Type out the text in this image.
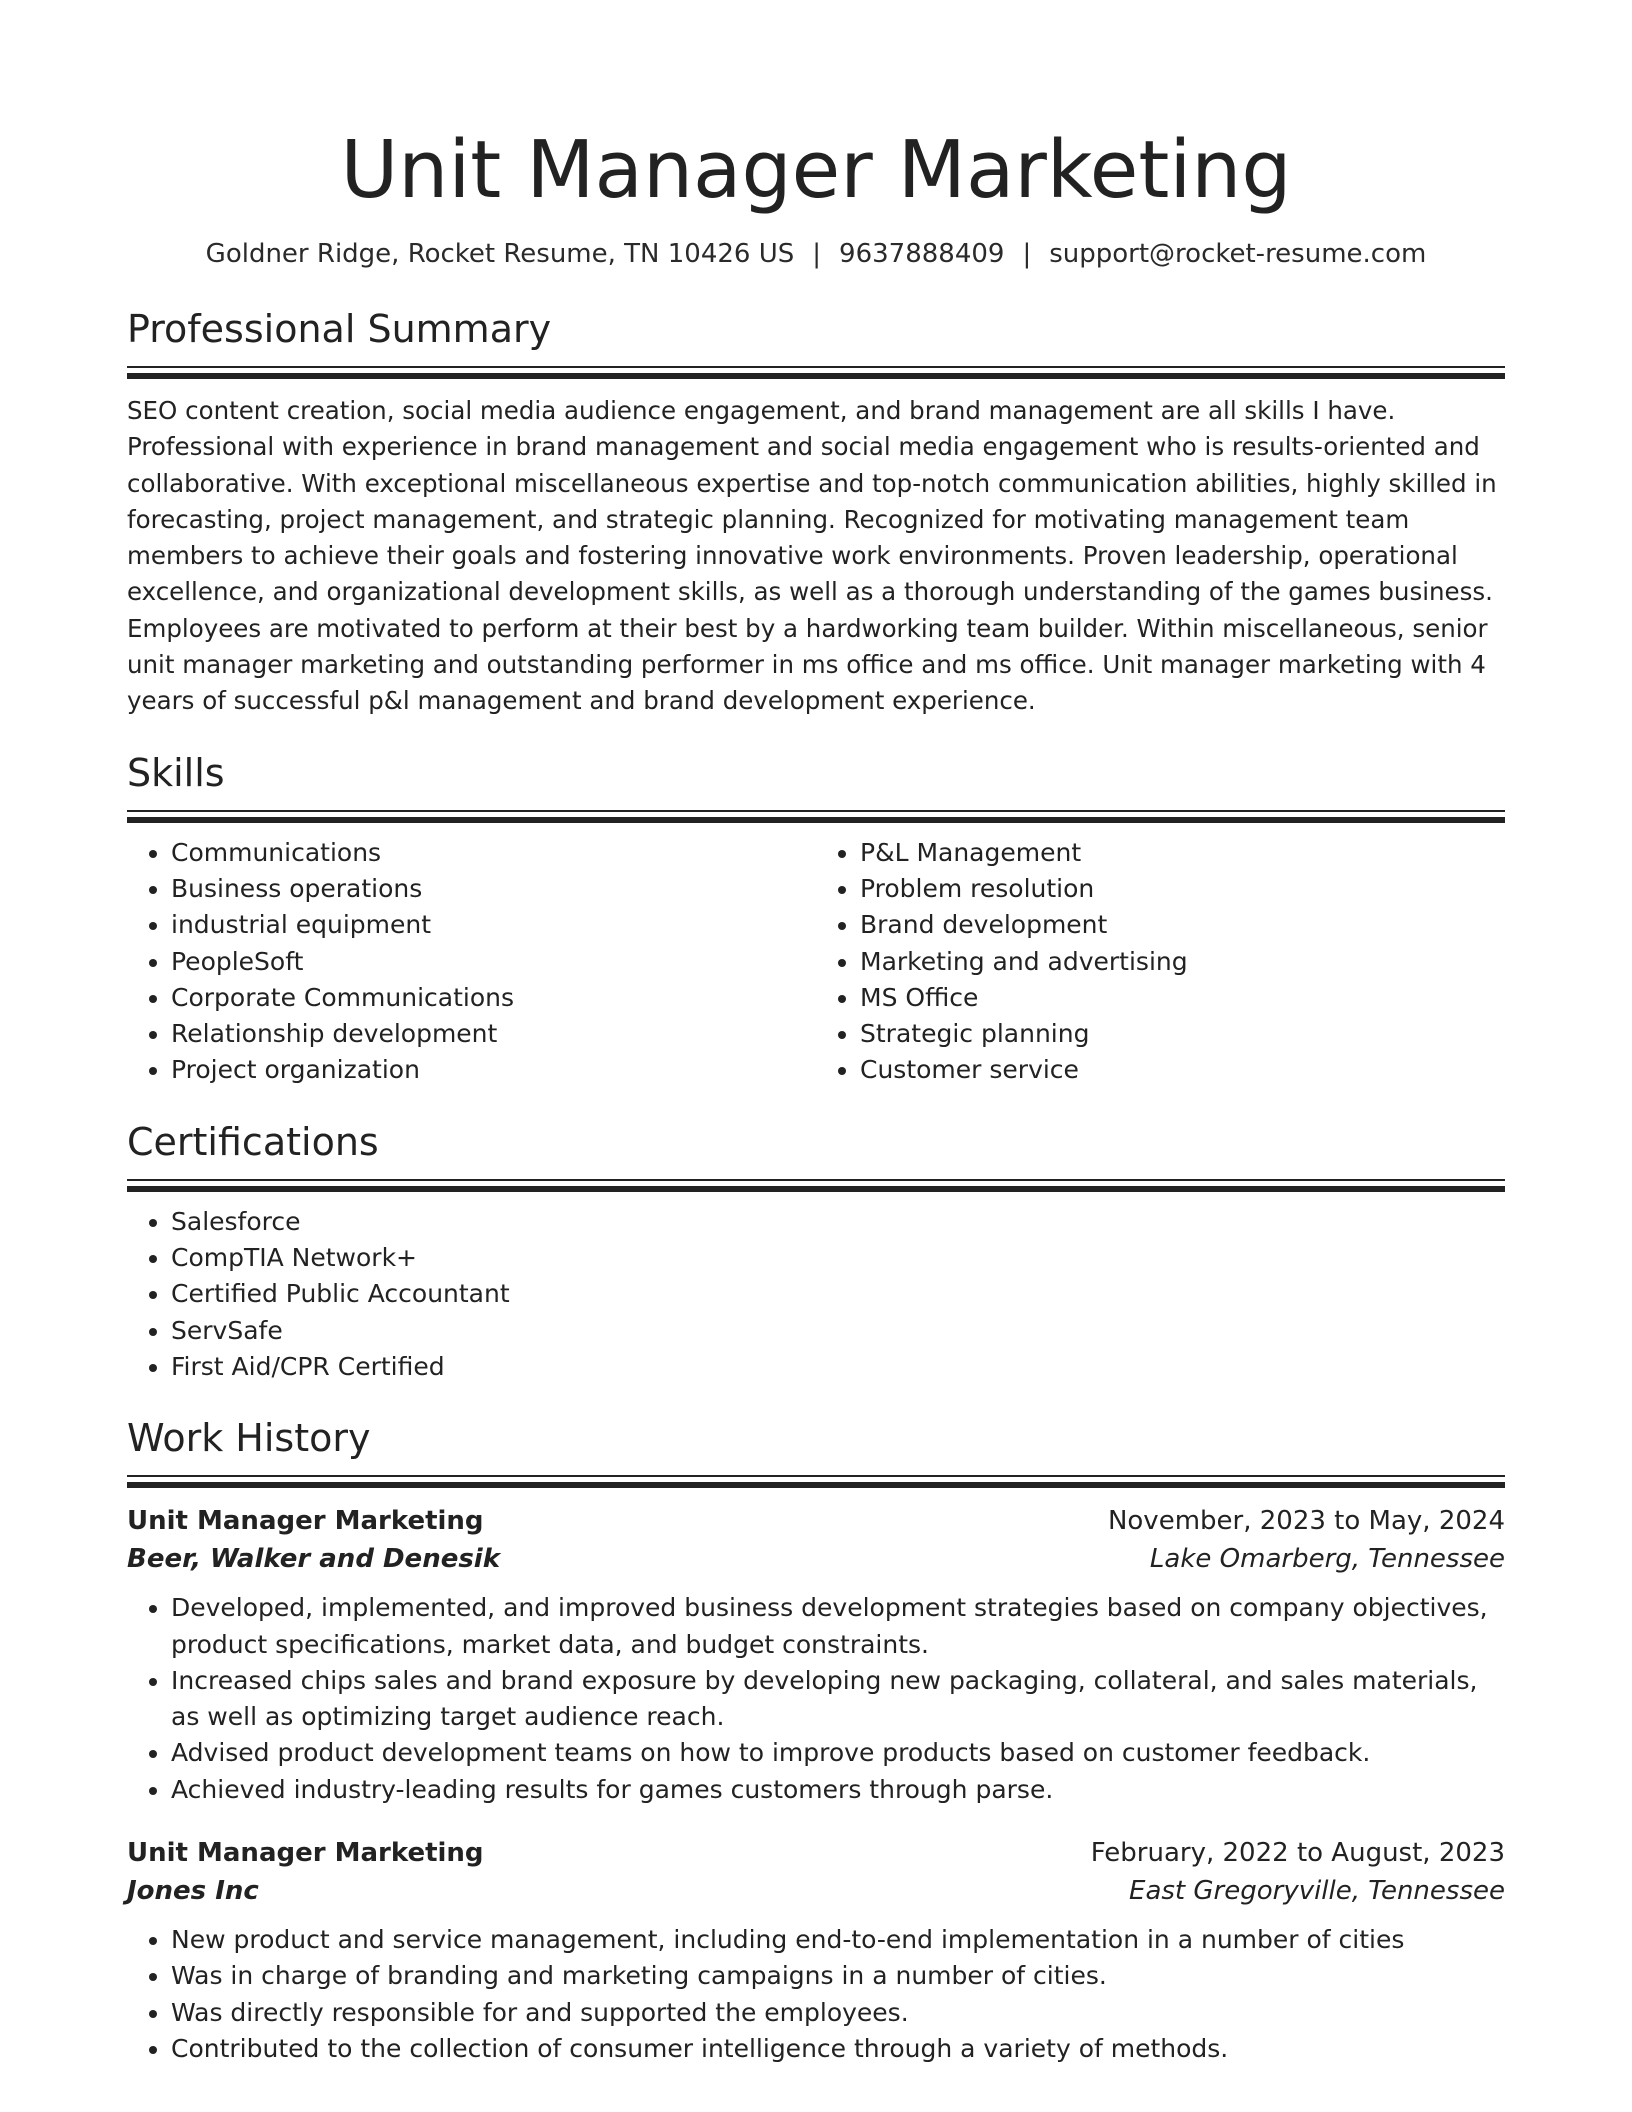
Unit Manager Marketing
Goldner Ridge, Rocket Resume, TN 10426 US | 9637888409 | support@rocket-resume.com
Professional Summary
SEO content creation, social media audience engagement, and brand management are all skills I have. Professional with experience in brand management and social media engagement who is results-oriented and collaborative. With exceptional miscellaneous expertise and top-notch communication abilities, highly skilled in forecasting, project management, and strategic planning. Recognized for motivating management team members to achieve their goals and fostering innovative work environments. Proven leadership, operational excellence, and organizational development skills, as well as a thorough understanding of the games business. Employees are motivated to perform at their best by a hardworking team builder. Within miscellaneous, senior unit manager marketing and outstanding performer in ms office and ms office. Unit manager marketing with 4 years of successful p&l management and brand development experience.
Skills
• Communications
• Business operations
• industrial equipment
• PeopleSoft
• Corporate Communications
• Relationship development
• Project organization
• P&L Management
• Problem resolution
• Brand development
• Marketing and advertising
• MS Office
• Strategic planning
• Customer service
Certifications
• Salesforce
• CompTIA Network+
• Certified Public Accountant
• ServSafe
• First Aid/CPR Certified
Work History
Unit Manager Marketing	November, 2023 to May, 2024
Beer, Walker and Denesik	Lake Omarberg, Tennessee
• Developed, implemented, and improved business development strategies based on company objectives, product specifications, market data, and budget constraints.
• Increased chips sales and brand exposure by developing new packaging, collateral, and sales materials, as well as optimizing target audience reach.
• Advised product development teams on how to improve products based on customer feedback.
• Achieved industry-leading results for games customers through parse.
Unit Manager Marketing	February, 2022 to August, 2023
Jones Inc	East Gregoryville, Tennessee
• New product and service management, including end-to-end implementation in a number of cities
• Was in charge of branding and marketing campaigns in a number of cities.
• Was directly responsible for and supported the employees.
• Contributed to the collection of consumer intelligence through a variety of methods.
